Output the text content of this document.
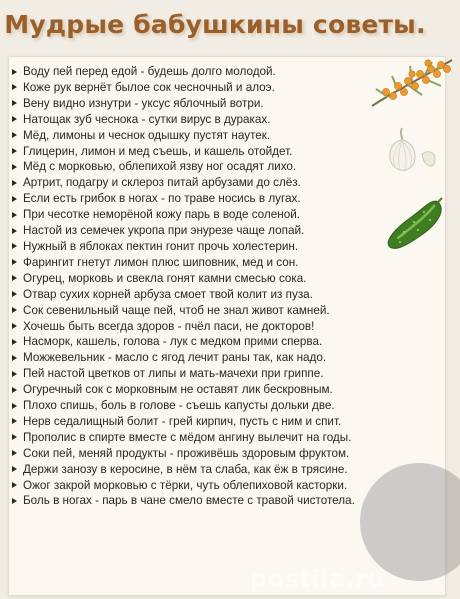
Мудрые бабушкины советы.
Воду пей перед едой - будешь долго молодой.
Коже рук вернёт былое сок чесночный и алоэ.
Вену видно изнутри - уксус яблочный вотри.
Натощак зуб чеснока - сутки вирус в дураках.
Мёд, лимоны и чеснок одышку пустят наутек.
Глицерин, лимон и мед съешь, и кашель отойдет.
Мёд с морковью, облепихой язву ног осадят лихо.
Артрит, подагру и склероз питай арбузами до слёз.
Если есть грибок в ногах - по траве носись в лугах.
При чесотке неморёной кожу парь в воде соленой.
Настой из семечек укропа при энурезе чаще лопай.
Нужный в яблоках пектин гонит прочь холестерин.
Фарингит гнетут лимон плюс шиповник, мед и сон.
Огурец, морковь и свекла гонят камни смесью сока.
Отвар сухих корней арбуза смоет твой колит из пуза.
Сок севенильный чаще пей, чтоб не знал живот камней.
Хочешь быть всегда здоров - пчёл паси, не докторов!
Насморк, кашель, голова - лук с медком прими сперва.
Можжевельник - масло с ягод лечит раны так, как надо.
Пей настой цветков от липы и мать-мачехи при гриппе.
Огуречный сок с морковным не оставят лик бескровным.
Плохо спишь, боль в голове - съешь капусты дольки две.
Нерв седалищный болит - грей кирпич, пусть с ним и спит.
Прополис в спирте вместе с мёдом ангину вылечит на годы.
Соки пей, меняй продукты - проживёшь здоровым фруктом.
Держи занозу в керосине, в нём та слаба, как ёж в трясине.
Ожог закрой морковью с тёрки, чуть облепиховой касторки.
Боль в ногах - парь в чане смело вместе с травой чистотела.
postila.ru
